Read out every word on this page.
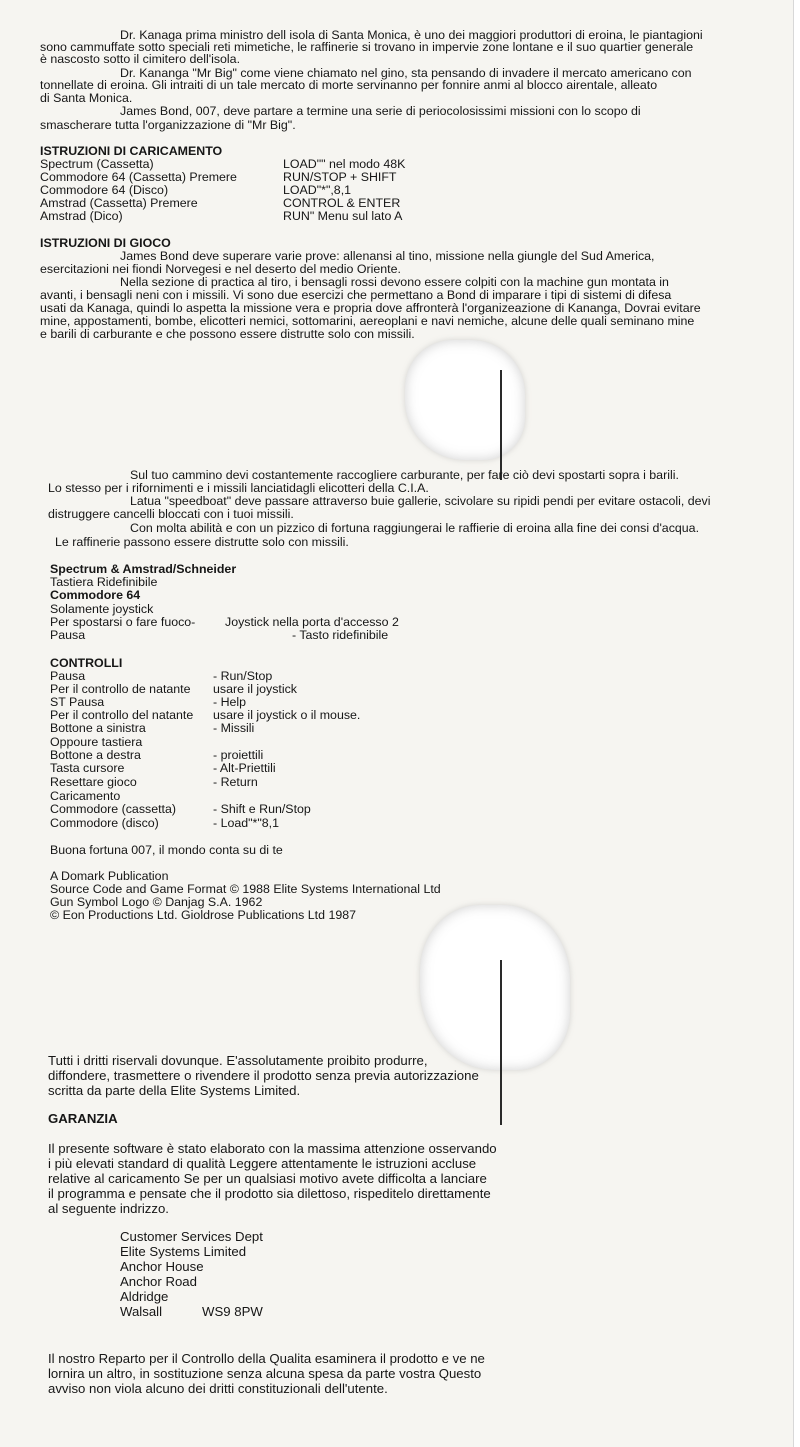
Dr. Kanaga prima ministro dell isola di Santa Monica, è uno dei maggiori produttori di eroina, le piantagioni
sono cammuffate sotto speciali reti mimetiche, le raffinerie si trovano in impervie zone lontane e il suo quartier generale
è nascosto sotto il cimitero dell'isola.
Dr. Kananga "Mr Big" come viene chiamato nel gino, sta pensando di invadere il mercato americano con
tonnellate di eroina. Gli intraiti di un tale mercato di morte servinanno per fonnire anmi al blocco airentale, alleato
di Santa Monica.
James Bond, 007, deve partare a termine una serie di periocolosissimi missioni con lo scopo di
smascherare tutta l'organizzazione di "Mr Big".
ISTRUZIONI DI CARICAMENTO
Spectrum (Cassetta)	LOAD"" nel modo 48K
Commodore 64 (Cassetta) Premere	RUN/STOP + SHIFT
Commodore 64 (Disco)	LOAD"*",8,1
Amstrad (Cassetta) Premere	CONTROL & ENTER
Amstrad (Dico)	RUN" Menu sul lato A
ISTRUZIONI DI GIOCO
James Bond deve superare varie prove: allenansi al tino, missione nella giungle del Sud America,
esercitazioni nei fiondi Norvegesi e nel deserto del medio Oriente.
Nella sezione di practica al tiro, i bensagli rossi devono essere colpiti con la machine gun montata in
avanti, i bensagli neni con i missili. Vi sono due esercizi che permettano a Bond di imparare i tipi di sistemi di difesa
usati da Kanaga, quindi lo aspetta la missione vera e propria dove affronterà l'organizeazione di Kananga, Dovrai evitare
mine, appostamenti, bombe, elicotteri nemici, sottomarini, aereoplani e navi nemiche, alcune delle quali seminano mine
e barili di carburante e che possono essere distrutte solo con missili.
Sul tuo cammino devi costantemente raccogliere carburante, per fare ciò devi spostarti sopra i barili.
Lo stesso per i rifornimenti e i missili lanciatidagli elicotteri della C.I.A.
Latua "speedboat" deve passare attraverso buie gallerie, scivolare su ripidi pendi per evitare ostacoli, devi
distruggere cancelli bloccati con i tuoi missili.
Con molta abilità e con un pizzico di fortuna raggiungerai le raffierie di eroina alla fine dei consi d'acqua.
Le raffinerie passono essere distrutte solo con missili.
Spectrum & Amstrad/Schneider
Tastiera Ridefinibile
Commodore 64
Solamente joystick
Per spostarsi o fare fuoco- Joystick nella porta d'accesso 2
Pausa	- Tasto ridefinibile
CONTROLLI
Pausa	- Run/Stop
Per il controllo de natante usare il joystick
ST Pausa	- Help
Per il controllo del natante usare il joystick o il mouse.
Bottone a sinistra	- Missili
Oppoure tastiera
Bottone a destra	- proiettili
Tasta cursore	- Alt-Priettili
Resettare gioco	- Return
Caricamento
Commodore (cassetta)	- Shift e Run/Stop
Commodore (disco)	- Load"*"8,1
Buona fortuna 007, il mondo conta su di te
A Domark Publication
Source Code and Game Format © 1988 Elite Systems International Ltd
Gun Symbol Logo © Danjag S.A. 1962
© Eon Productions Ltd. Gioldrose Publications Ltd 1987
Tutti i dritti riservali dovunque. E'assolutamente proibito produrre,
diffondere, trasmettere o rivendere il prodotto senza previa autorizzazione
scritta da parte della Elite Systems Limited.
GARANZIA
Il presente software è stato elaborato con la massima attenzione osservando
i più elevati standard di qualità Leggere attentamente le istruzioni accluse
relative al caricamento Se per un qualsiasi motivo avete difficolta a lanciare
il programma e pensate che il prodotto sia dilettoso, rispeditelo direttamente
al seguente indrizzo.
Customer Services Dept
Elite Systems Limited
Anchor House
Anchor Road
Aldridge
Walsall	WS9 8PW
Il nostro Reparto per il Controllo della Qualita esaminera il prodotto e ve ne
lornira un altro, in sostituzione senza alcuna spesa da parte vostra Questo
avviso non viola alcuno dei dritti constituzionali dell'utente.
